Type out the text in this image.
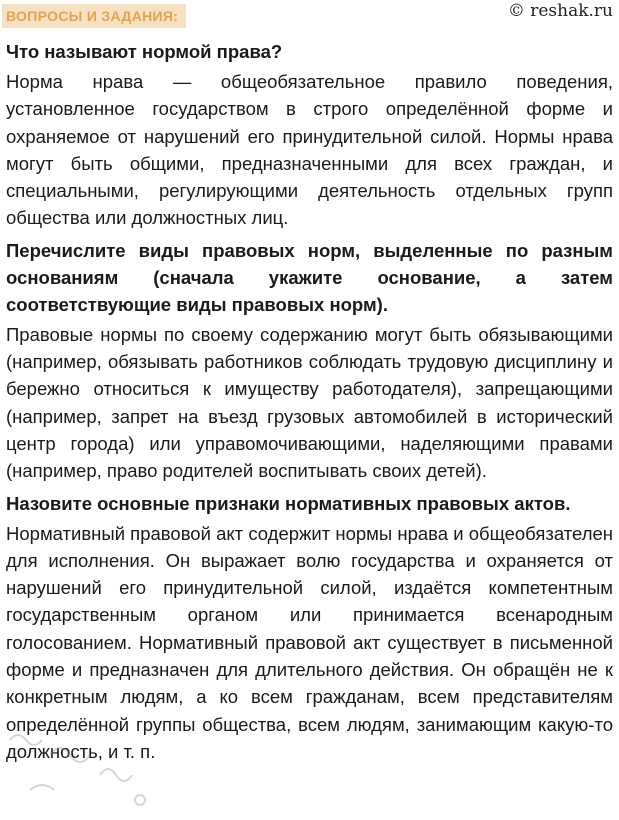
ВОПРОСЫ И ЗАДАНИЯ:	© reshak.ru

Что называют нормой права?

Норма нрава — общеобязательное правило поведения, установленное государством в строго определённой форме и охраняемое от нарушений его принудительной силой. Нормы нрава могут быть общими, предназначенными для всех граждан, и специальными, регулирующими деятельность отдельных групп общества или должностных лиц.

Перечислите виды правовых норм, выделенные по разным основаниям (сначала укажите основание, а затем соответствующие виды правовых норм).

Правовые нормы по своему содержанию могут быть обязывающими (например, обязывать работников соблюдать трудовую дисциплину и бережно относиться к имуществу работодателя), запрещающими (например, запрет на въезд грузовых автомобилей в исторический центр города) или управомочивающими, наделяющими правами (например, право родителей воспитывать своих детей).

Назовите основные признаки нормативных правовых актов.

Нормативный правовой акт содержит нормы нрава и общеобязателен для исполнения. Он выражает волю государства и охраняется от нарушений его принудительной силой, издаётся компетентным государственным органом или принимается всенародным голосованием. Нормативный правовой акт существует в письменной форме и предназначен для длительного действия. Он обращён не к конкретным людям, а ко всем гражданам, всем представителям определённой группы общества, всем людям, занимающим какую-то должность, и т. п.
